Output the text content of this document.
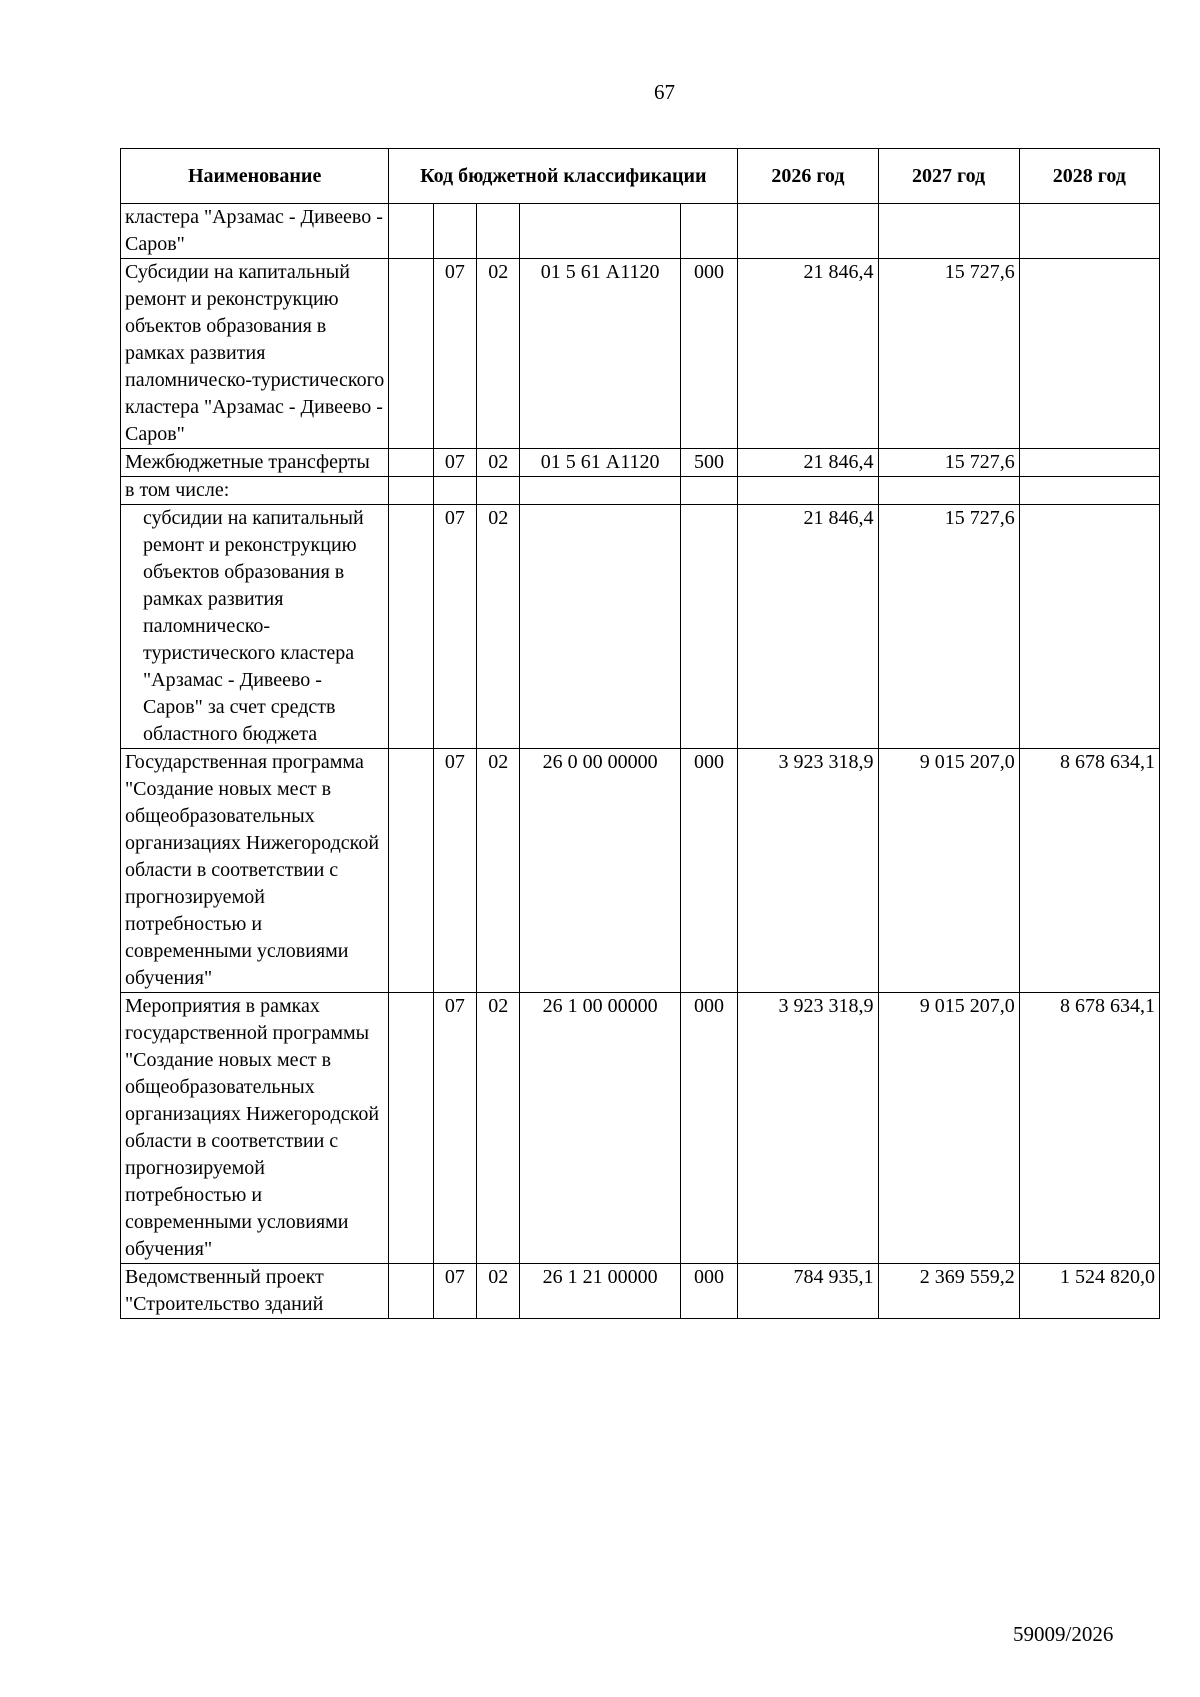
67
Наименование	Код бюджетной классификации					2026 год	2027 год	2028 год

кластера "Арзамас - Дивеево - Саров"								

Субсидии на капитальный ремонт и реконструкцию объектов образования в рамках развития паломническо-туристического кластера "Арзамас - Дивеево - Саров"		07	02	01 5 61 А1120	000	21 846,4	15 727,6	

Межбюджетные трансферты		07	02	01 5 61 А1120	500	21 846,4	15 727,6	

в том числе:								

субсидии на капитальный ремонт и реконструкцию объектов образования в рамках развития паломническо-туристического кластера "Арзамас - Дивеево - Саров" за счет средств областного бюджета		07	02			21 846,4	15 727,6	

Государственная программа "Создание новых мест в общеобразовательных организациях Нижегородской области в соответствии с прогнозируемой потребностью и современными условиями обучения"		07	02	26 0 00 00000	000	3 923 318,9	9 015 207,0	8 678 634,1

Мероприятия в рамках государственной программы "Создание новых мест в общеобразовательных организациях Нижегородской области в соответствии с прогнозируемой потребностью и современными условиями обучения"		07	02	26 1 00 00000	000	3 923 318,9	9 015 207,0	8 678 634,1

Ведомственный проект "Строительство зданий		07	02	26 1 21 00000	000	784 935,1	2 369 559,2	1 524 820,0
59009/2026
